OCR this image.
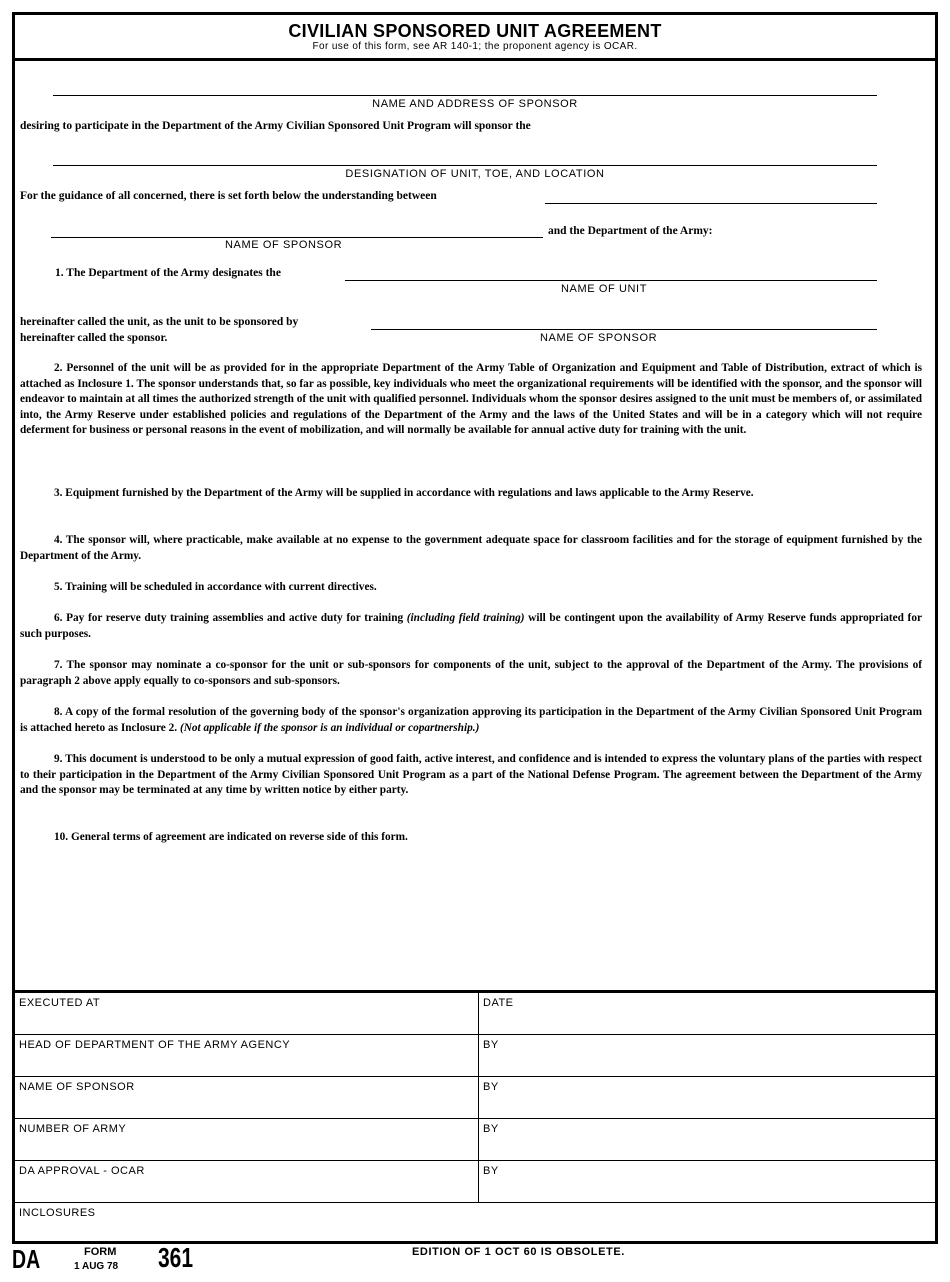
CIVILIAN SPONSORED UNIT AGREEMENT
For use of this form, see AR 140-1; the proponent agency is OCAR.
NAME AND ADDRESS OF SPONSOR
desiring to participate in the Department of the Army Civilian Sponsored Unit Program will sponsor the
DESIGNATION OF UNIT, TOE, AND LOCATION
For the guidance of all concerned, there is set forth below the understanding between
and the Department of the Army:
NAME OF SPONSOR
1. The Department of the Army designates the
NAME OF UNIT
hereinafter called the unit, as the unit to be sponsored by
hereinafter called the sponsor.	NAME OF SPONSOR
2. Personnel of the unit will be as provided for in the appropriate Department of the Army Table of Organization and Equipment and Table of Distribution, extract of which is attached as Inclosure 1. The sponsor understands that, so far as possible, key individuals who meet the organizational requirements will be identified with the sponsor, and the sponsor will endeavor to maintain at all times the authorized strength of the unit with qualified personnel. Individuals whom the sponsor desires assigned to the unit must be members of, or assimilated into, the Army Reserve under established policies and regulations of the Department of the Army and the laws of the United States and will be in a category which will not require deferment for business or personal reasons in the event of mobilization, and will normally be available for annual active duty for training with the unit.
3. Equipment furnished by the Department of the Army will be supplied in accordance with regulations and laws applicable to the Army Reserve.
4. The sponsor will, where practicable, make available at no expense to the government adequate space for classroom facilities and for the storage of equipment furnished by the Department of the Army.
5. Training will be scheduled in accordance with current directives.
6. Pay for reserve duty training assemblies and active duty for training (including field training) will be contingent upon the availability of Army Reserve funds appropriated for such purposes.
7. The sponsor may nominate a co-sponsor for the unit or sub-sponsors for components of the unit, subject to the approval of the Department of the Army. The provisions of paragraph 2 above apply equally to co-sponsors and sub-sponsors.
8. A copy of the formal resolution of the governing body of the sponsor's organization approving its participation in the Department of the Army Civilian Sponsored Unit Program is attached hereto as Inclosure 2. (Not applicable if the sponsor is an individual or copartnership.)
9. This document is understood to be only a mutual expression of good faith, active interest, and confidence and is intended to express the voluntary plans of the parties with respect to their participation in the Department of the Army Civilian Sponsored Unit Program as a part of the National Defense Program. The agreement between the Department of the Army and the sponsor may be terminated at any time by written notice by either party.
10. General terms of agreement are indicated on reverse side of this form.
EXECUTED AT	DATE
HEAD OF DEPARTMENT OF THE ARMY AGENCY	BY
NAME OF SPONSOR	BY
NUMBER OF ARMY	BY
DA APPROVAL - OCAR	BY
INCLOSURES
DA	FORM
1 AUG 78 361	EDITION OF 1 OCT 60 IS OBSOLETE.
